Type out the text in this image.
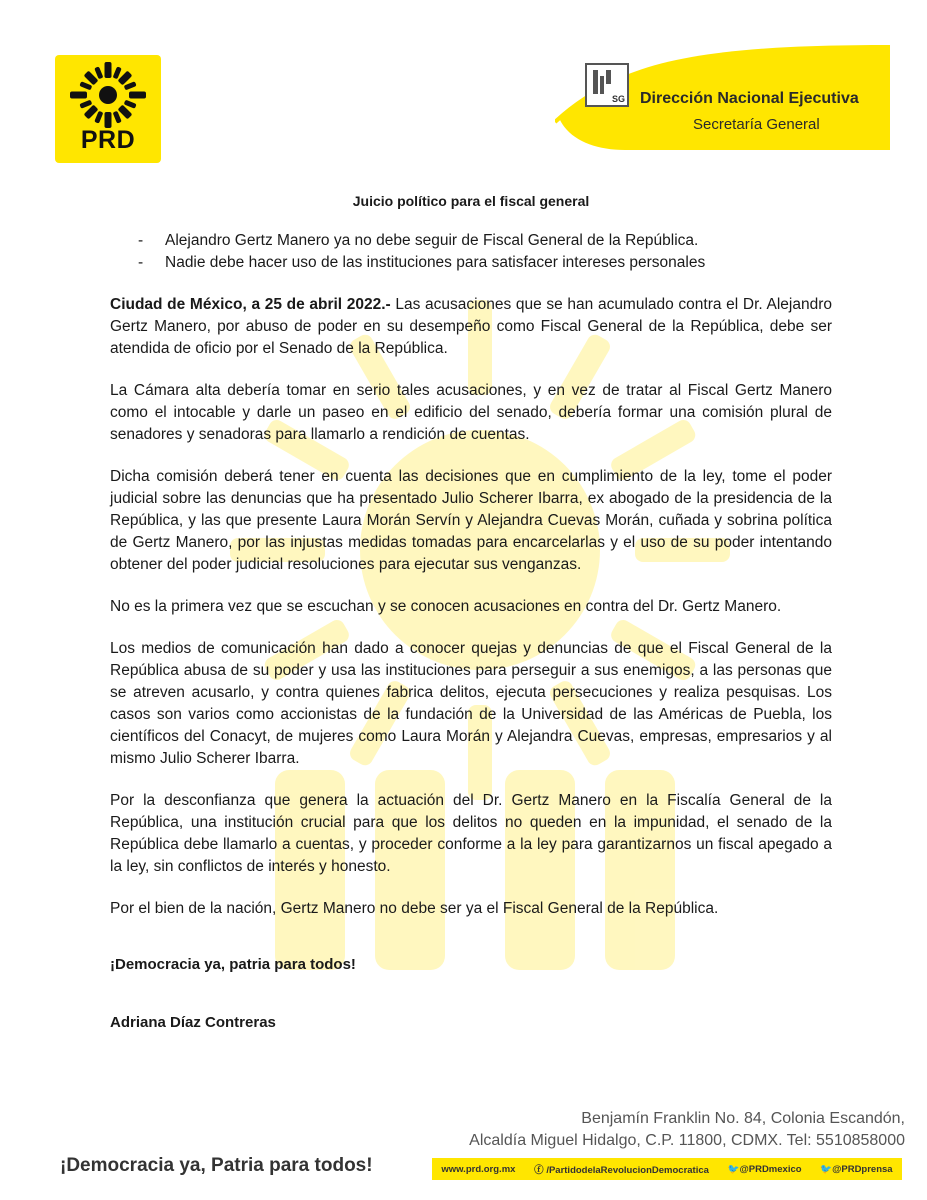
PRD
SG Dirección Nacional Ejecutiva
Secretaría General

Juicio político para el fiscal general

- Alejandro Gertz Manero ya no debe seguir de Fiscal General de la República.
- Nadie debe hacer uso de las instituciones para satisfacer intereses personales

Ciudad de México, a 25 de abril 2022.- Las acusaciones que se han acumulado contra el Dr. Alejandro Gertz Manero, por abuso de poder en su desempeño como Fiscal General de la República, debe ser atendida de oficio por el Senado de la República.

La Cámara alta debería tomar en serio tales acusaciones, y en vez de tratar al Fiscal Gertz Manero como el intocable y darle un paseo en el edificio del senado, debería formar una comisión plural de senadores y senadoras para llamarlo a rendición de cuentas.

Dicha comisión deberá tener en cuenta las decisiones que en cumplimiento de la ley, tome el poder judicial sobre las denuncias que ha presentado Julio Scherer Ibarra, ex abogado de la presidencia de la República, y las que presente Laura Morán Servín y Alejandra Cuevas Morán, cuñada y sobrina política de Gertz Manero, por las injustas medidas tomadas para encarcelarlas y el uso de su poder intentando obtener del poder judicial resoluciones para ejecutar sus venganzas.

No es la primera vez que se escuchan y se conocen acusaciones en contra del Dr. Gertz Manero.

Los medios de comunicación han dado a conocer quejas y denuncias de que el Fiscal General de la República abusa de su poder y usa las instituciones para perseguir a sus enemigos, a las personas que se atreven acusarlo, y contra quienes fabrica delitos, ejecuta persecuciones y realiza pesquisas. Los casos son varios como accionistas de la fundación de la Universidad de las Américas de Puebla, los científicos del Conacyt, de mujeres como Laura Morán y Alejandra Cuevas, empresas, empresarios y al mismo Julio Scherer Ibarra.

Por la desconfianza que genera la actuación del Dr. Gertz Manero en la Fiscalía General de la República, una institución crucial para que los delitos no queden en la impunidad, el senado de la República debe llamarlo a cuentas, y proceder conforme a la ley para garantizarnos un fiscal apegado a la ley, sin conflictos de interés y honesto.

Por el bien de la nación, Gertz Manero no debe ser ya el Fiscal General de la República.

¡Democracia ya, patria para todos!

Adriana Díaz Contreras

¡Democracia ya, Patria para todos!
Benjamín Franklin No. 84, Colonia Escandón,
Alcaldía Miguel Hidalgo, C.P. 11800, CDMX. Tel: 5510858000
www.prd.org.mx ⓕ /PartidodelaRevolucionDemocratica 🐦@PRDmexico 🐦@PRDprensa
